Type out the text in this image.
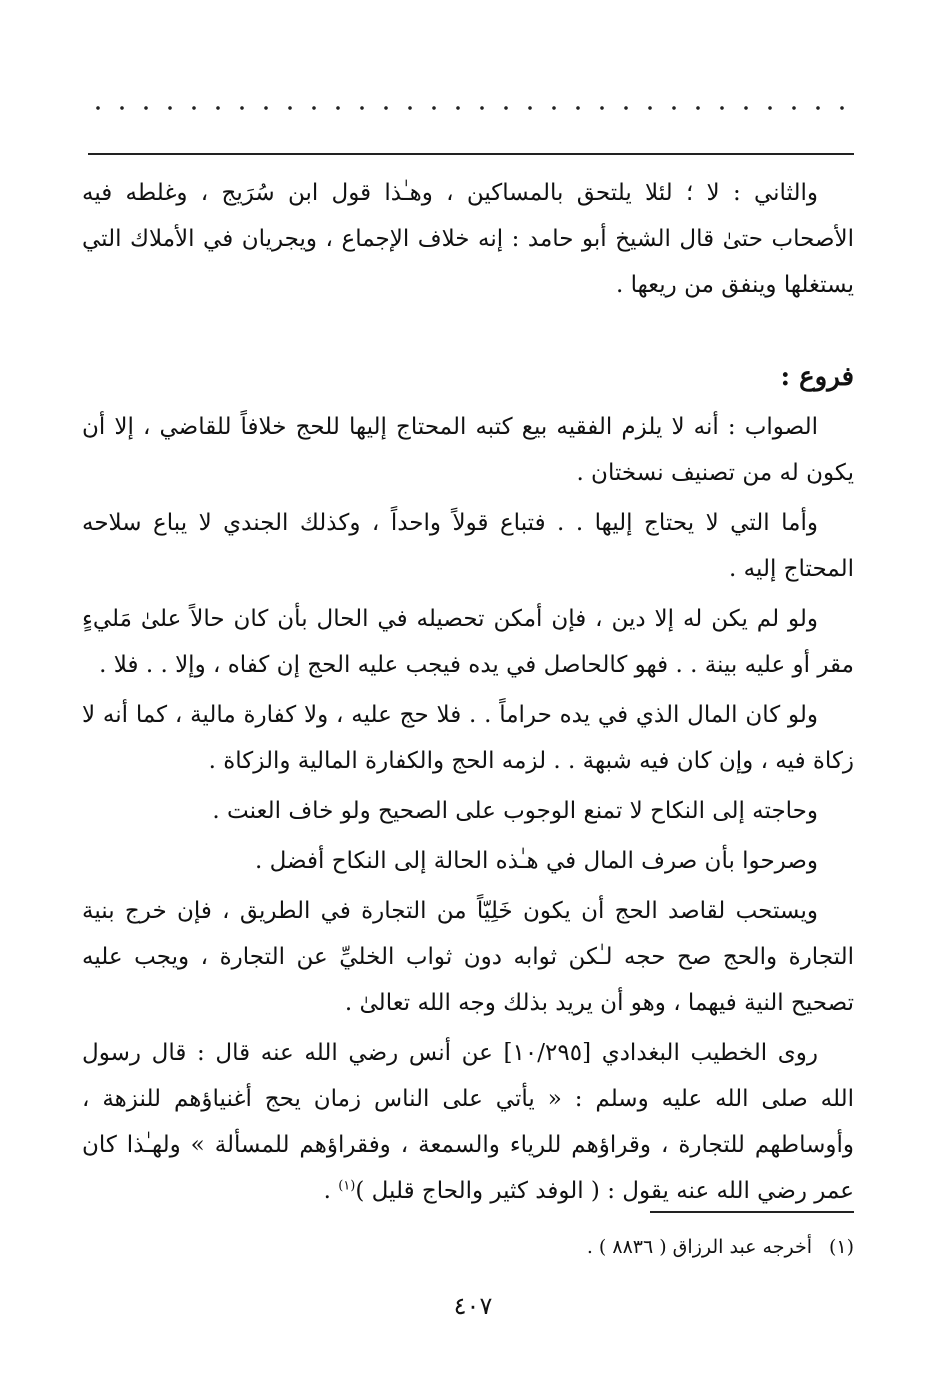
والثاني : لا ؛ لئلا يلتحق بالمساكين ، وهـٰذا قول ابن سُرَيج ، وغلطه فيه الأصحاب حتىٰ قال الشيخ أبو حامد : إنه خلاف الإجماع ، ويجريان في الأملاك التي يستغلها وينفق من ريعها .

فروع :

الصواب : أنه لا يلزم الفقيه بيع كتبه المحتاج إليها للحج خلافاً للقاضي ، إلا أن يكون له من تصنيف نسختان .

وأما التي لا يحتاج إليها . . فتباع قولاً واحداً ، وكذلك الجندي لا يباع سلاحه المحتاج إليه .

ولو لم يكن له إلا دين ، فإن أمكن تحصيله في الحال بأن كان حالاً علىٰ مَليءٍ مقر أو عليه بينة . . فهو كالحاصل في يده فيجب عليه الحج إن كفاه ، وإلا . . فلا .

ولو كان المال الذي في يده حراماً . . فلا حج عليه ، ولا كفارة مالية ، كما أنه لا زكاة فيه ، وإن كان فيه شبهة . . لزمه الحج والكفارة المالية والزكاة .

وحاجته إلى النكاح لا تمنع الوجوب على الصحيح ولو خاف العنت .

وصرحوا بأن صرف المال في هـٰذه الحالة إلى النكاح أفضل .

ويستحب لقاصد الحج أن يكون خَلِيّاً من التجارة في الطريق ، فإن خرج بنية التجارة والحج صح حجه لـٰكن ثوابه دون ثواب الخليِّ عن التجارة ، ويجب عليه تصحيح النية فيهما ، وهو أن يريد بذلك وجه الله تعالىٰ .

روى الخطيب البغدادي [١٠/٢٩٥] عن أنس رضي الله عنه قال : قال رسول الله صلى الله عليه وسلم : « يأتي على الناس زمان يحج أغنياؤهم للنزهة ، وأوساطهم للتجارة ، وقراؤهم للرياء والسمعة ، وفقراؤهم للمسألة » ولهـٰذا كان عمر رضي الله عنه يقول : ( الوفد كثير والحاج قليل )$^{(١)}$ .

(١)أخرجه عبد الرزاق ( ٨٨٣٦ ) .
٤٠٧
